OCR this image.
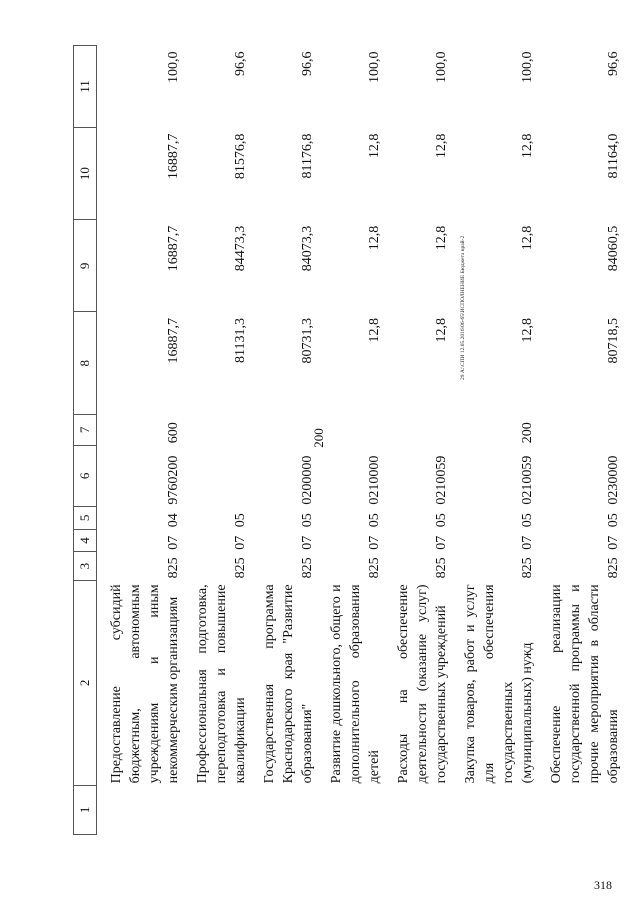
200
318
29 А:\СПИ 12.05.2016\06-65\ИСПОЛНЕНИЕ Бюджета край-2
1	2	3	4	5	6	7	8	9	10	11
	Предоставление субсидий бюджетным, автономным учреждениям и иным некоммерческим организациям	825	07	04	9760200	600	16887,7	16887,7	16887,7	100,0
	Профессиональная подготовка, переподготовка и повышение квалификации	825	07	05			81131,3	84473,3	81576,8	96,6
	Государственная программа Краснодарского края "Развитие образования"	825	07	05	0200000		80731,3	84073,3	81176,8	96,6
	Развитие дошкольного, общего и дополнительного образования детей	825	07	05	0210000		12,8	12,8	12,8	100,0
	Расходы на обеспечение деятельности (оказание услуг) государственных учреждений	825	07	05	0210059		12,8	12,8	12,8	100,0
	Закупка товаров, работ и услуг для обеспечения государственных (муниципальных) нужд	825	07	05	0210059	200	12,8	12,8	12,8	100,0
	Обеспечение реализации государственной программы и прочие мероприятия в области образования	825	07	05	0230000		80718,5	84060,5	81164,0	96,6
